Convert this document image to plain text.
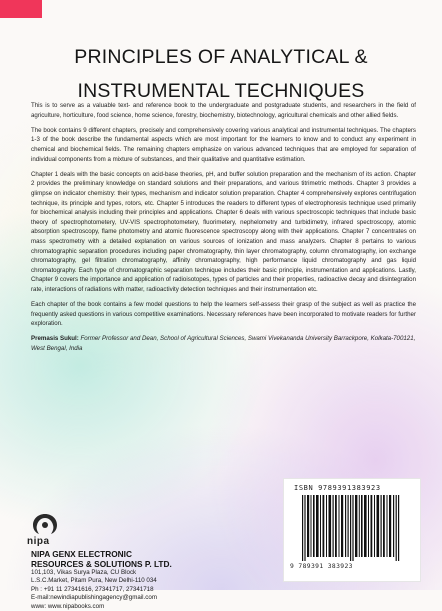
PRINCIPLES OF ANALYTICAL &
INSTRUMENTAL TECHNIQUES

This is to serve as a valuable text- and reference book to the undergraduate and postgraduate students, and researchers in the field of agriculture, horticulture, food science, home science, forestry, biochemistry, biotechnology, agricultural chemicals and other allied fields.

The book contains 9 different chapters, precisely and comprehensively covering various analytical and instrumental techniques. The chapters 1-3 of the book describe the fundamental aspects which are most important for the learners to know and to conduct any experiment in chemical and biochemical fields. The remaining chapters emphasize on various advanced techniques that are employed for separation of individual components from a mixture of substances, and their qualitative and quantitative estimation.

Chapter 1 deals with the basic concepts on acid-base theories, pH, and buffer solution preparation and the mechanism of its action. Chapter 2 provides the preliminary knowledge on standard solutions and their preparations, and various titrimetric methods. Chapter 3 provides a glimpse on indicator chemistry: their types, mechanism and indicator solution preparation. Chapter 4 comprehensively explores centrifugation technique, its principle and types, rotors, etc. Chapter 5 introduces the readers to different types of electrophoresis technique used primarily for biochemical analysis including their principles and applications. Chapter 6 deals with various spectroscopic techniques that include basic theory of spectrophotometery, UV-VIS spectrophotometery, fluorimetery, nephelometry and turbidimetry, infrared spectroscopy, atomic absorption spectroscopy, flame photometry and atomic fluorescence spectroscopy along with their applications. Chapter 7 concentrates on mass spectrometry with a detailed explanation on various sources of ionization and mass analyzers. Chapter 8 pertains to various chromatographic separation procedures including paper chromatography, thin layer chromatography, column chromatography, ion exchange chromatography, gel filtration chromatography, affinity chromatography, high performance liquid chromatography and gas liquid chromatography. Each type of chromatographic separation technique includes their basic principle, instrumentation and applications. Lastly, Chapter 9 covers the importance and application of radioisotopes, types of particles and their properties, radioactive decay and disintegration rate, interactions of radiations with matter, radioactivity detection techniques and their instrumentation etc.

Each chapter of the book contains a few model questions to help the learners self-assess their grasp of the subject as well as practice the frequently asked questions in various competitive examinations. Necessary references have been incorporated to motivate readers for further exploration.

Premasis Sukul: Former Professor and Dean, School of Agricultural Sciences, Swami Vivekananda University Barrackpore, Kolkata-700121, West Bengal, India

nipa
NIPA GENX ELECTRONIC
RESOURCES & SOLUTIONS P. LTD.
101,103, Vikas Surya Plaza, CU Block
L.S.C.Market, Pitam Pura, New Delhi-110 034
Ph : +91 11 27341616, 27341717, 27341718
E-mail:newindiapublishingagency@gmail.com
www: www.nipabooks.com
ISBN 9789391383923
9 789391 383923
